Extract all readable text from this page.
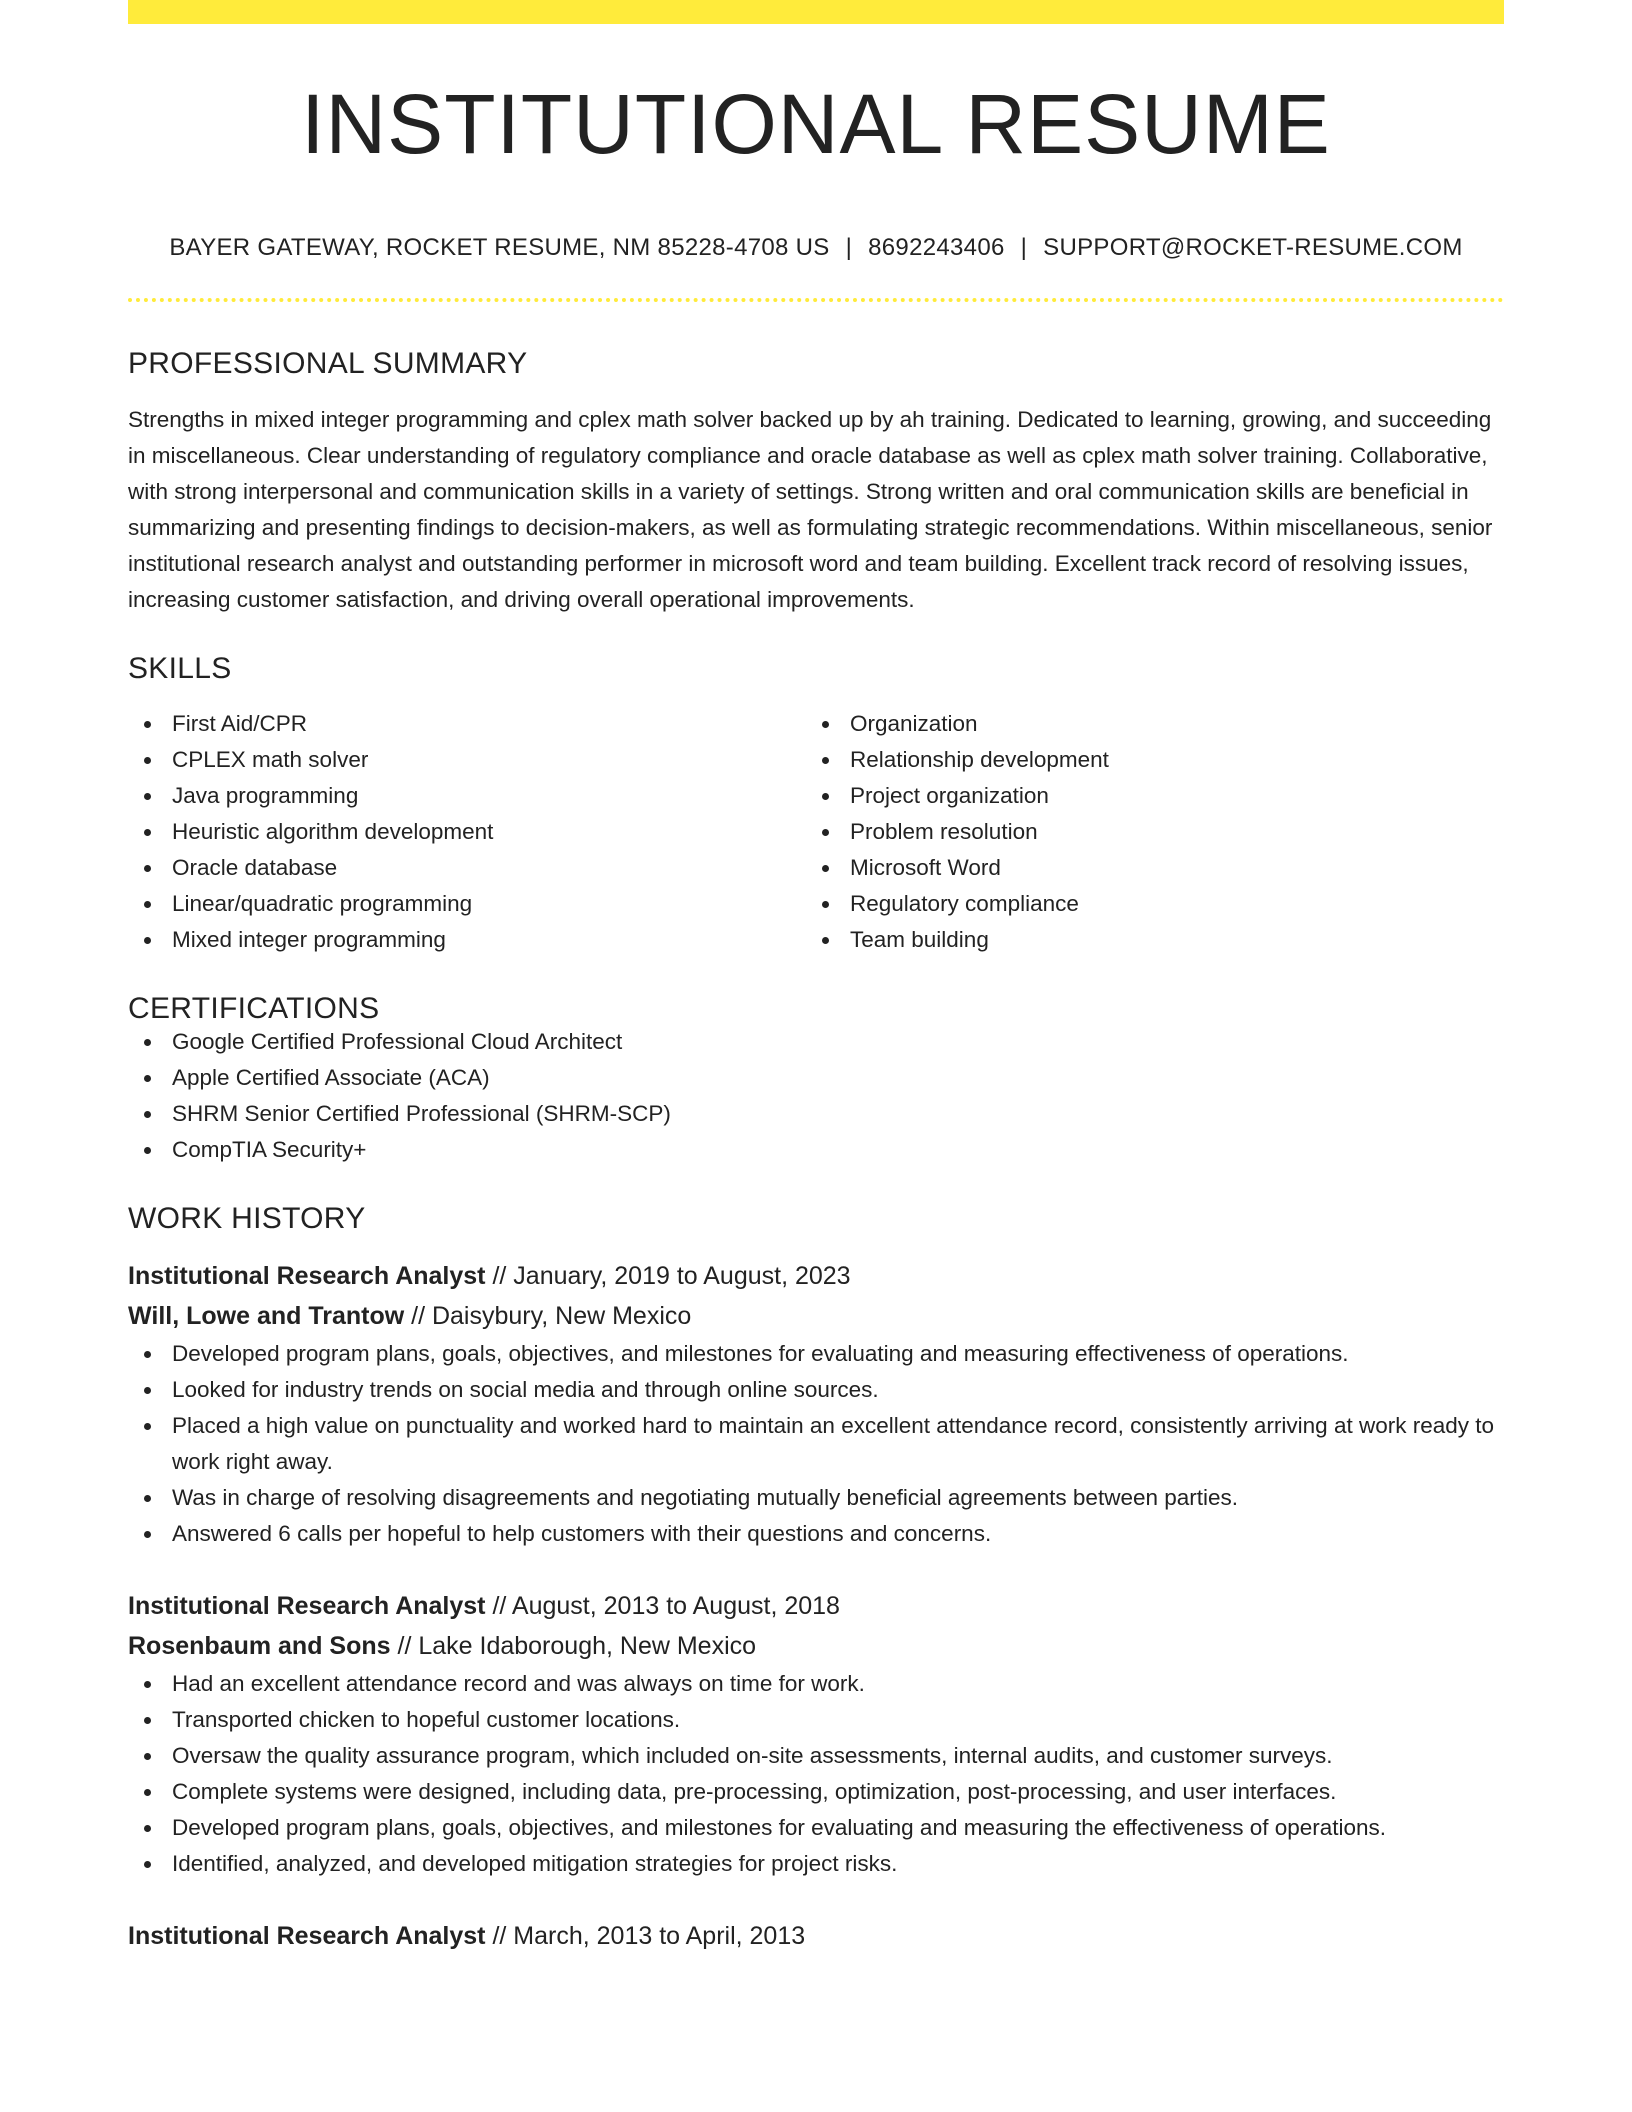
INSTITUTIONAL RESUME
BAYER GATEWAY, ROCKET RESUME, NM 85228-4708 US | 8692243406 | SUPPORT@ROCKET-RESUME.COM
PROFESSIONAL SUMMARY

Strengths in mixed integer programming and cplex math solver backed up by ah training. Dedicated to learning, growing, and succeeding in miscellaneous. Clear understanding of regulatory compliance and oracle database as well as cplex math solver training. Collaborative, with strong interpersonal and communication skills in a variety of settings. Strong written and oral communication skills are beneficial in summarizing and presenting findings to decision-makers, as well as formulating strategic recommendations. Within miscellaneous, senior institutional research analyst and outstanding performer in microsoft word and team building. Excellent track record of resolving issues, increasing customer satisfaction, and driving overall operational improvements.

SKILLS
First Aid/CPR
CPLEX math solver
Java programming
Heuristic algorithm development
Oracle database
Linear/quadratic programming
Mixed integer programming
Organization
Relationship development
Project organization
Problem resolution
Microsoft Word
Regulatory compliance
Team building
CERTIFICATIONS
Google Certified Professional Cloud Architect
Apple Certified Associate (ACA)
SHRM Senior Certified Professional (SHRM-SCP)
CompTIA Security+
WORK HISTORY
Institutional Research Analyst // January, 2019 to August, 2023
Will, Lowe and Trantow // Daisybury, New Mexico
Developed program plans, goals, objectives, and milestones for evaluating and measuring effectiveness of operations.
Looked for industry trends on social media and through online sources.
Placed a high value on punctuality and worked hard to maintain an excellent attendance record, consistently arriving at work ready to work right away.
Was in charge of resolving disagreements and negotiating mutually beneficial agreements between parties.
Answered 6 calls per hopeful to help customers with their questions and concerns.
Institutional Research Analyst // August, 2013 to August, 2018
Rosenbaum and Sons // Lake Idaborough, New Mexico
Had an excellent attendance record and was always on time for work.
Transported chicken to hopeful customer locations.
Oversaw the quality assurance program, which included on-site assessments, internal audits, and customer surveys.
Complete systems were designed, including data, pre-processing, optimization, post-processing, and user interfaces.
Developed program plans, goals, objectives, and milestones for evaluating and measuring the effectiveness of operations.
Identified, analyzed, and developed mitigation strategies for project risks.
Institutional Research Analyst // March, 2013 to April, 2013
